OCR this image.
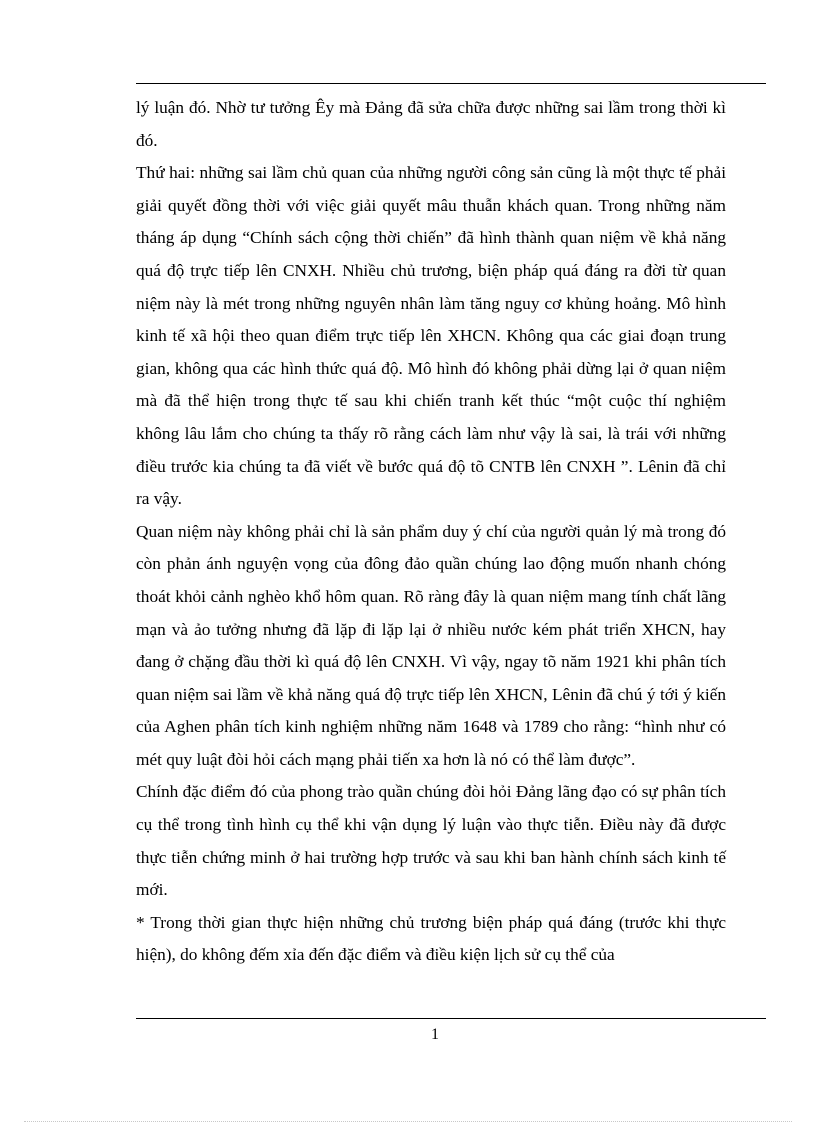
lý luận đó. Nhờ tư tưởng Êy mà Đảng đã sửa chữa được những sai lầm trong thời kì đó.

Thứ hai: những sai lầm chủ quan của những người công sản cũng là một thực tế phải giải quyết đồng thời với việc giải quyết mâu thuẫn khách quan. Trong những năm tháng áp dụng “Chính sách cộng thời chiến” đã hình thành quan niệm về khả năng quá độ trực tiếp lên CNXH. Nhiều chủ trương, biện pháp quá đáng ra đời từ quan niệm này là mét trong những nguyên nhân làm tăng nguy cơ khủng hoảng. Mô hình kinh tế xã hội theo quan điểm trực tiếp lên XHCN. Không qua các giai đoạn trung gian, không qua các hình thức quá độ. Mô hình đó không phải dừng lại ở quan niệm mà đã thể hiện trong thực tế sau khi chiến tranh kết thúc “một cuộc thí nghiệm không lâu lắm cho chúng ta thấy rõ rằng cách làm như vậy là sai, là trái với những điều trước kia chúng ta đã viết về bước quá độ tõ CNTB lên CNXH ”. Lênin đã chỉ ra vậy.

Quan niệm này không phải chỉ là sản phẩm duy ý chí của người quản lý mà trong đó còn phản ánh nguyện vọng của đông đảo quần chúng lao động muốn nhanh chóng thoát khỏi cảnh nghèo khổ hôm quan. Rõ ràng đây là quan niệm mang tính chất lãng mạn và ảo tưởng nhưng đã lặp đi lặp lại ở nhiều nước kém phát triển XHCN, hay đang ở chặng đầu thời kì quá độ lên CNXH. Vì vậy, ngay tõ năm 1921 khi phân tích quan niệm sai lầm về khả năng quá độ trực tiếp lên XHCN, Lênin đã chú ý tới ý kiến của Aghen phân tích kinh nghiệm những năm 1648 và 1789 cho rằng: “hình như có mét quy luật đòi hỏi cách mạng phải tiến xa hơn là nó có thể làm được”.

Chính đặc điểm đó của phong trào quần chúng đòi hỏi Đảng lãng đạo có sự phân tích cụ thể trong tình hình cụ thể khi vận dụng lý luận vào thực tiễn. Điều này đã được thực tiễn chứng minh ở hai trường hợp trước và sau khi ban hành chính sách kinh tế mới.

* Trong thời gian thực hiện những chủ trương biện pháp quá đáng (trước khi thực hiện), do không đếm xỉa đến đặc điểm và điều kiện lịch sử cụ thể của

1
